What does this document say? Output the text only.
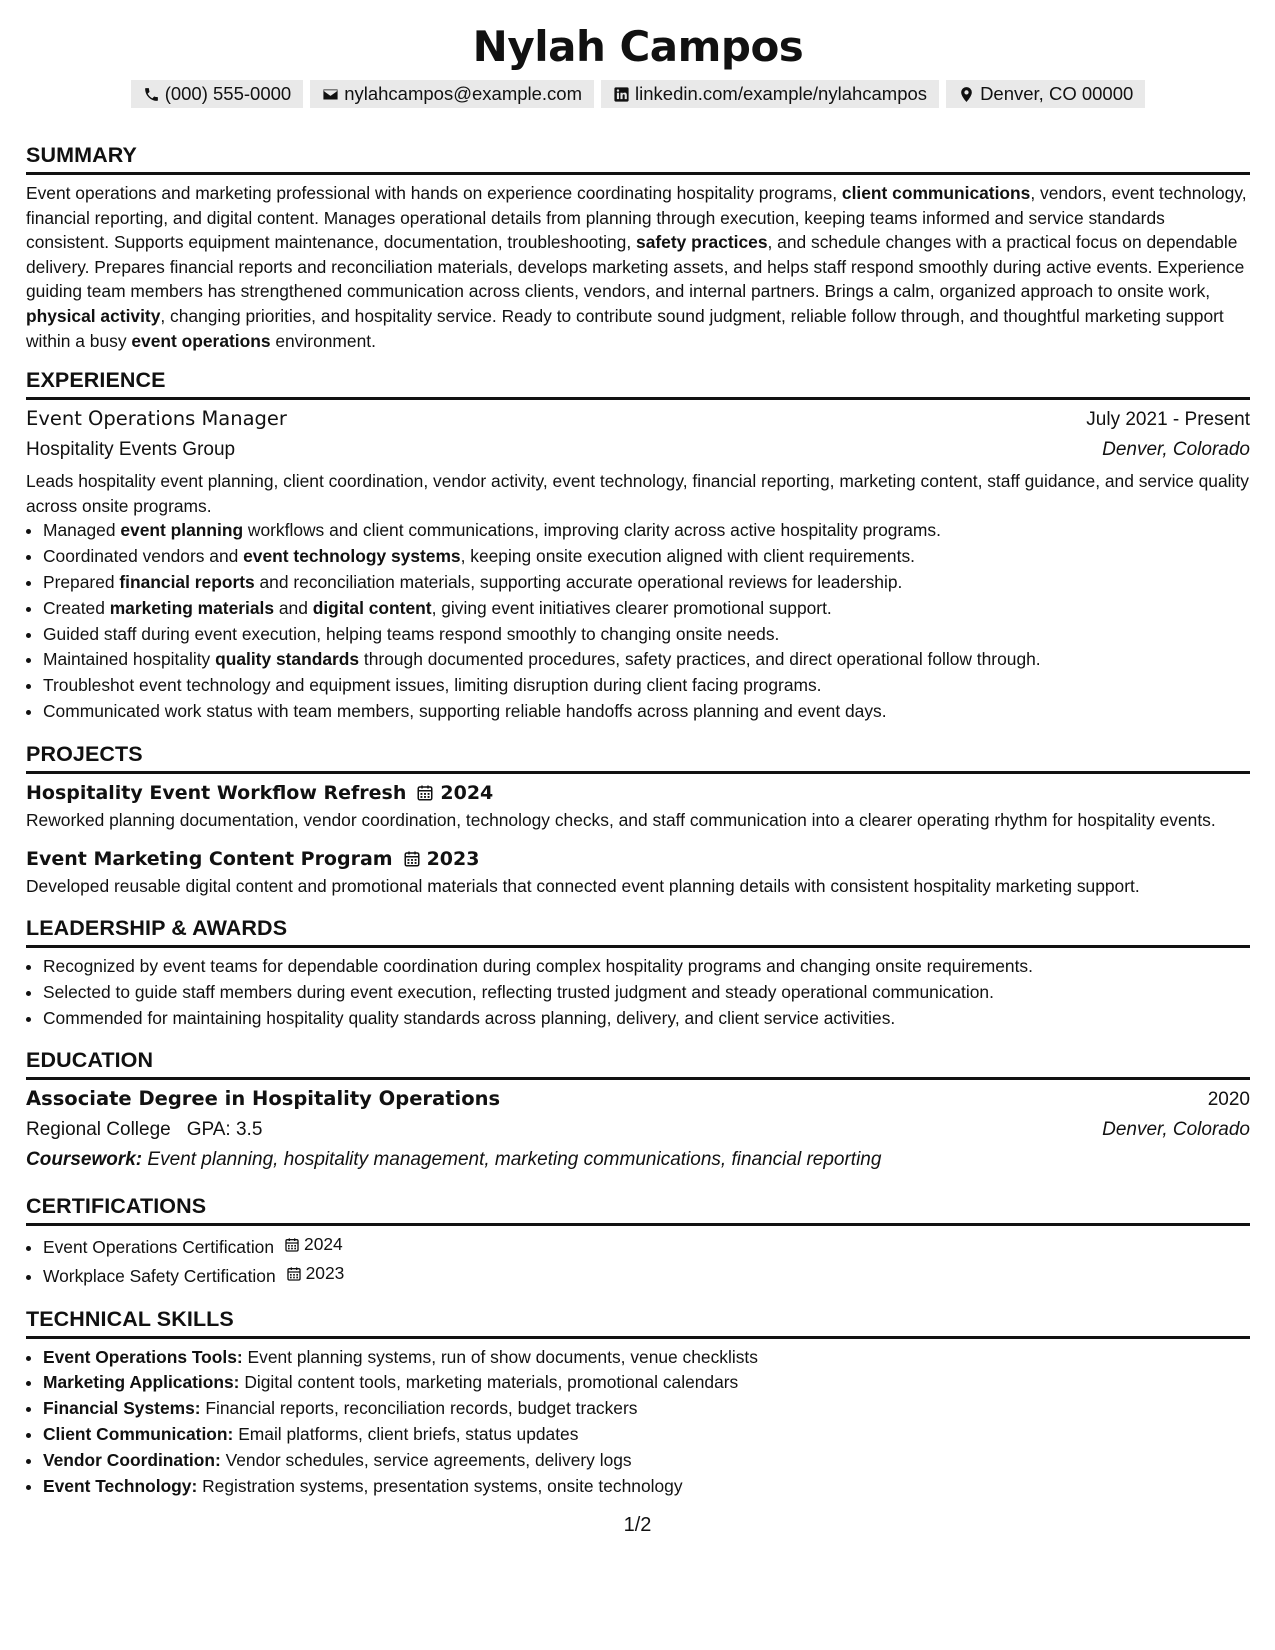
Nylah Campos
(000) 555-0000	nylahcampos@example.com	linkedin.com/example/nylahcampos	Denver, CO 00000
SUMMARY

Event operations and marketing professional with hands on experience coordinating hospitality programs, client communications, vendors, event technology, financial reporting, and digital content. Manages operational details from planning through execution, keeping teams informed and service standards consistent. Supports equipment maintenance, documentation, troubleshooting, safety practices, and schedule changes with a practical focus on dependable delivery. Prepares financial reports and reconciliation materials, develops marketing assets, and helps staff respond smoothly during active events. Experience guiding team members has strengthened communication across clients, vendors, and internal partners. Brings a calm, organized approach to onsite work, physical activity, changing priorities, and hospitality service. Ready to contribute sound judgment, reliable follow through, and thoughtful marketing support within a busy event operations environment.

EXPERIENCE
Event Operations Manager	July 2021 - Present
Hospitality Events Group	Denver, Colorado

Leads hospitality event planning, client coordination, vendor activity, event technology, financial reporting, marketing content, staff guidance, and service quality across onsite programs.

• Managed event planning workflows and client communications, improving clarity across active hospitality programs.
• Coordinated vendors and event technology systems, keeping onsite execution aligned with client requirements.
• Prepared financial reports and reconciliation materials, supporting accurate operational reviews for leadership.
• Created marketing materials and digital content, giving event initiatives clearer promotional support.
• Guided staff during event execution, helping teams respond smoothly to changing onsite needs.
• Maintained hospitality quality standards through documented procedures, safety practices, and direct operational follow through.
• Troubleshot event technology and equipment issues, limiting disruption during client facing programs.
• Communicated work status with team members, supporting reliable handoffs across planning and event days.
PROJECTS
Hospitality Event Workflow Refresh 2024

Reworked planning documentation, vendor coordination, technology checks, and staff communication into a clearer operating rhythm for hospitality events.

Event Marketing Content Program 2023

Developed reusable digital content and promotional materials that connected event planning details with consistent hospitality marketing support.

LEADERSHIP & AWARDS
• Recognized by event teams for dependable coordination during complex hospitality programs and changing onsite requirements.
• Selected to guide staff members during event execution, reflecting trusted judgment and steady operational communication.
• Commended for maintaining hospitality quality standards across planning, delivery, and client service activities.
EDUCATION
Associate Degree in Hospitality Operations	2020
Regional College GPA: 3.5	Denver, Colorado
Coursework: Event planning, hospitality management, marketing communications, financial reporting
CERTIFICATIONS
• Event Operations Certification 2024
• Workplace Safety Certification 2023
TECHNICAL SKILLS
• Event Operations Tools: Event planning systems, run of show documents, venue checklists
• Marketing Applications: Digital content tools, marketing materials, promotional calendars
• Financial Systems: Financial reports, reconciliation records, budget trackers
• Client Communication: Email platforms, client briefs, status updates
• Vendor Coordination: Vendor schedules, service agreements, delivery logs
• Event Technology: Registration systems, presentation systems, onsite technology
1/2
